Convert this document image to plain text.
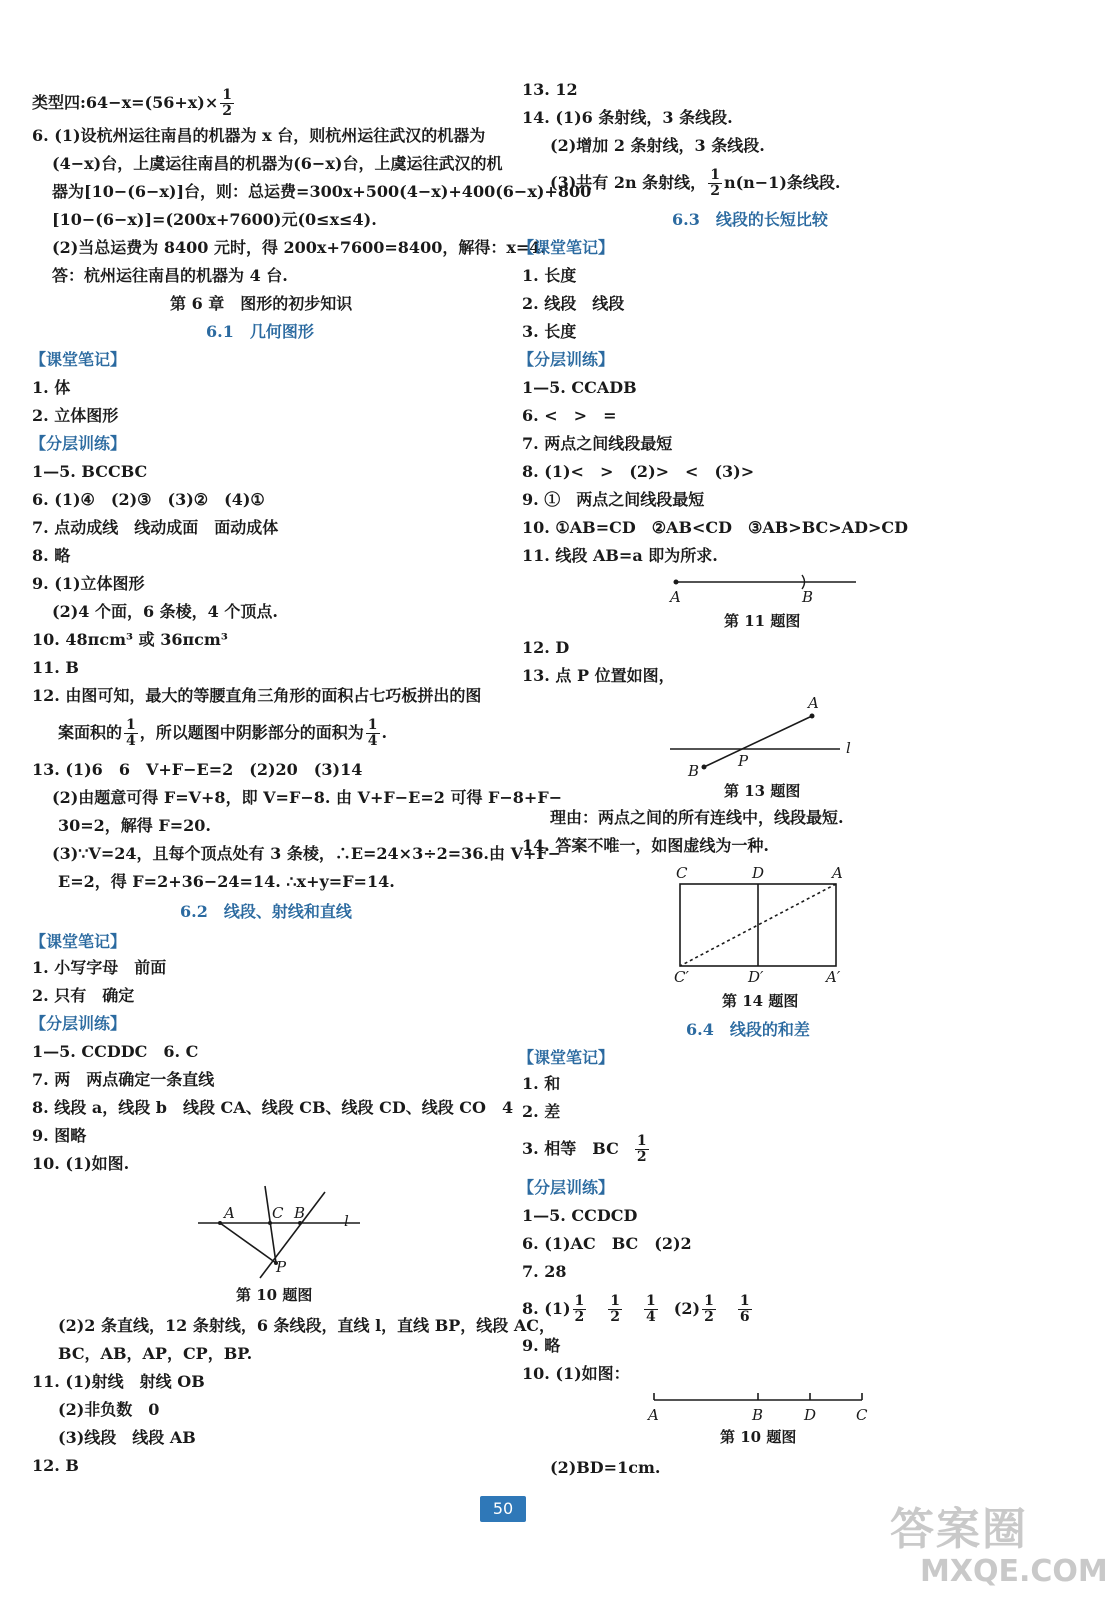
类型四:64−x=(56+x)× $\frac{1}{2}$
6. (1)设杭州运往南昌的机器为 x 台，则杭州运往武汉的机器为
(4−x)台，上虞运往南昌的机器为(6−x)台，上虞运往武汉的机
器为[10−(6−x)]台，则：总运费=300x+500(4−x)+400(6−x)+800
[10−(6−x)]=(200x+7600)元(0≤x≤4).
(2)当总运费为 8400 元时，得 200x+7600=8400，解得：x=4.
答：杭州运往南昌的机器为 4 台.
第 6 章　图形的初步知识
6.1　几何图形
【课堂笔记】
1. 体
2. 立体图形
【分层训练】
1—5. BCCBC
6. (1)④　(2)③　(3)②　(4)①
7. 点动成线　线动成面　面动成体
8. 略
9. (1)立体图形
(2)4 个面，6 条棱，4 个顶点.
10. 48πcm³ 或 36πcm³
11. B
12. 由图可知，最大的等腰直角三角形的面积占七巧板拼出的图
案面积的 $\frac{1}{4}$ ，所以题图中阴影部分的面积为 $\frac{1}{4}$ .
13. (1)6　6　V+F−E=2　(2)20　(3)14
(2)由题意可得 F=V+8，即 V=F−8. 由 V+F−E=2 可得 F−8+F−
30=2，解得 F=20.
(3)∵V=24，且每个顶点处有 3 条棱，∴E=24×3÷2=36.由 V+F−
E=2，得 F=2+36−24=14. ∴x+y=F=14.
6.2　线段、射线和直线
【课堂笔记】
1. 小写字母　前面
2. 只有　确定
【分层训练】
1—5. CCDDC　6. C
7. 两　两点确定一条直线
8. 线段 a，线段 b　线段 CA、线段 CB、线段 CD、线段 CO　4
9. 图略
10. (1)如图.
A C B	l
P
第 10 题图
(2)2 条直线，12 条射线，6 条线段，直线 l，直线 BP，线段 AC，
BC，AB，AP，CP，BP.
11. (1)射线　射线 OB
(2)非负数　0
(3)线段　线段 AB
12. B
13. 12
14. (1)6 条射线，3 条线段.
(2)增加 2 条射线，3 条线段.
(3)共有 2n 条射线， $\frac{1}{2} n(n-1)$条线段.
6.3　线段的长短比较
【课堂笔记】
1. 长度
2. 线段　线段
3. 长度
【分层训练】
1—5. CCADB
6. <　>　=
7. 两点之间线段最短
8. (1)<　>　(2)>　<　(3)>
9. ①　两点之间线段最短
10. ①AB=CD　②AB<CD　③AB>BC>AD>CD
11. 线段 AB=a 即为所求.
A	B
第 11 题图
12. D
13. 点 P 位置如图，
A
P
B
l
第 13 题图
理由：两点之间的所有连线中，线段最短.
14. 答案不唯一，如图虚线为一种.
C	D	A
C′	D′	A′
第 14 题图
6.4　线段的和差
【课堂笔记】
1. 和
2. 差
3. 相等　BC $\frac{1}{2}$
【分层训练】
1—5. CCDCD
6. (1)AC　BC　(2)2
7. 28
8. $(1) \frac{1}{2} \frac{1}{2} \frac{1}{4} (2) \frac{1}{2} \frac{1}{6}$
9. 略
10. (1)如图：
A	B	D	C
第 10 题图
(2)BD=1cm.
50	答案圈
MXQE.COM
